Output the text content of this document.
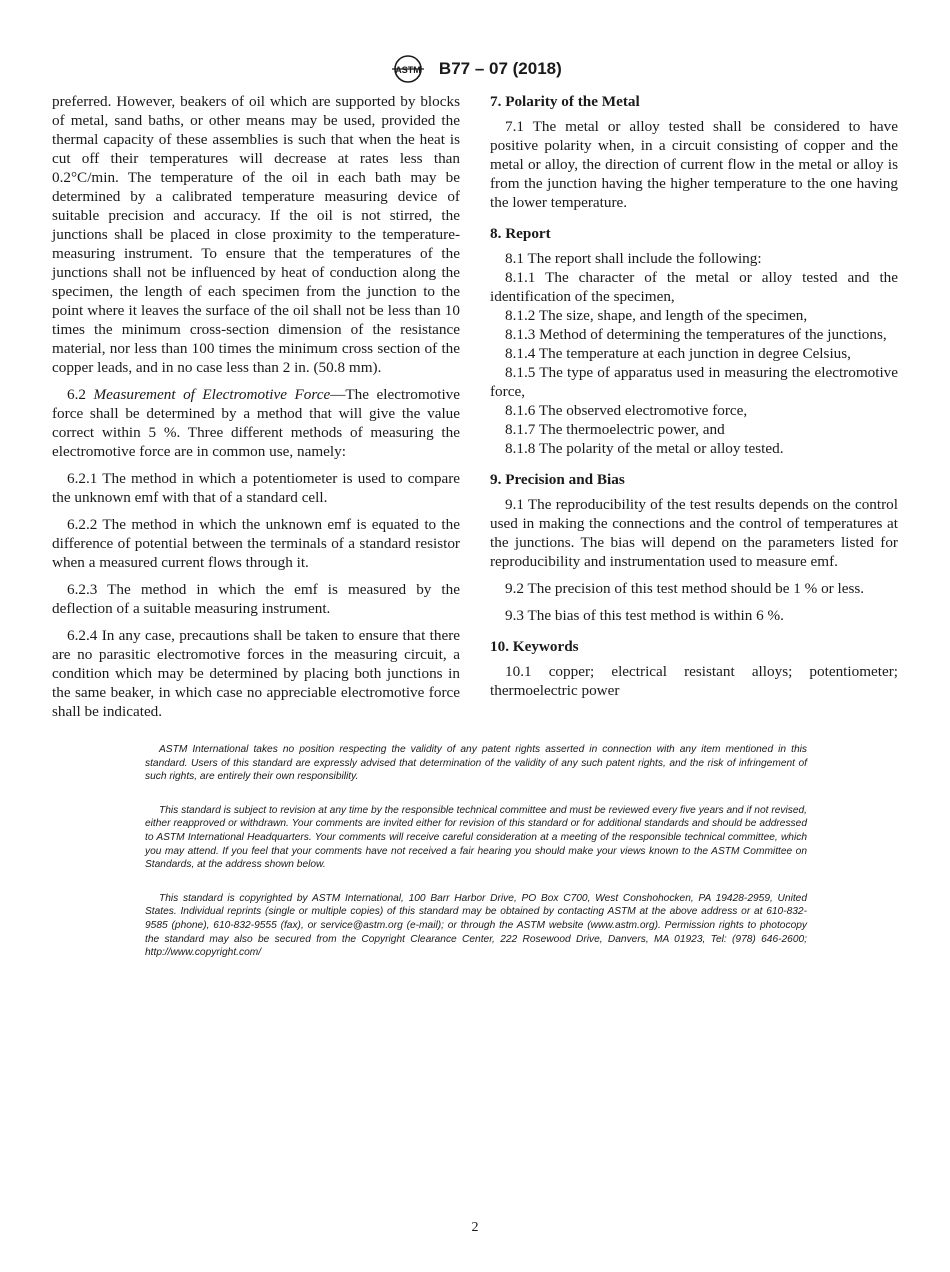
ASTM B77 – 07 (2018)

preferred. However, beakers of oil which are supported by blocks of metal, sand baths, or other means may be used, provided the thermal capacity of these assemblies is such that when the heat is cut off their temperatures will decrease at rates less than 0.2°C/min. The temperature of the oil in each bath may be determined by a calibrated temperature measuring device of suitable precision and accuracy. If the oil is not stirred, the junctions shall be placed in close proximity to the temperature-measuring instrument. To ensure that the temperatures of the junctions shall not be influenced by heat of conduction along the specimen, the length of each specimen from the junction to the point where it leaves the surface of the oil shall not be less than 10 times the minimum cross-section dimension of the resistance material, nor less than 100 times the minimum cross section of the copper leads, and in no case less than 2 in. (50.8 mm).

6.2 Measurement of Electromotive Force—The electromotive force shall be determined by a method that will give the value correct within 5 %. Three different methods of measuring the electromotive force are in common use, namely:

6.2.1 The method in which a potentiometer is used to compare the unknown emf with that of a standard cell.

6.2.2 The method in which the unknown emf is equated to the difference of potential between the terminals of a standard resistor when a measured current flows through it.

6.2.3 The method in which the emf is measured by the deflection of a suitable measuring instrument.

6.2.4 In any case, precautions shall be taken to ensure that there are no parasitic electromotive forces in the measuring circuit, a condition which may be determined by placing both junctions in the same beaker, in which case no appreciable electromotive force shall be indicated.

7. Polarity of the Metal

7.1 The metal or alloy tested shall be considered to have positive polarity when, in a circuit consisting of copper and the metal or alloy, the direction of current flow in the metal or alloy is from the junction having the higher temperature to the one having the lower temperature.

8. Report

8.1 The report shall include the following:

8.1.1 The character of the metal or alloy tested and the identification of the specimen,

8.1.2 The size, shape, and length of the specimen,

8.1.3 Method of determining the temperatures of the junctions,

8.1.4 The temperature at each junction in degree Celsius,

8.1.5 The type of apparatus used in measuring the electromotive force,

8.1.6 The observed electromotive force,

8.1.7 The thermoelectric power, and

8.1.8 The polarity of the metal or alloy tested.

9. Precision and Bias

9.1 The reproducibility of the test results depends on the control used in making the connections and the control of temperatures at the junctions. The bias will depend on the parameters listed for reproducibility and instrumentation used to measure emf.

9.2 The precision of this test method should be 1 % or less.

9.3 The bias of this test method is within 6 %.

10. Keywords

10.1 copper; electrical resistant alloys; potentiometer; thermoelectric power

ASTM International takes no position respecting the validity of any patent rights asserted in connection with any item mentioned in this standard. Users of this standard are expressly advised that determination of the validity of any such patent rights, and the risk of infringement of such rights, are entirely their own responsibility.

This standard is subject to revision at any time by the responsible technical committee and must be reviewed every five years and if not revised, either reapproved or withdrawn. Your comments are invited either for revision of this standard or for additional standards and should be addressed to ASTM International Headquarters. Your comments will receive careful consideration at a meeting of the responsible technical committee, which you may attend. If you feel that your comments have not received a fair hearing you should make your views known to the ASTM Committee on Standards, at the address shown below.

This standard is copyrighted by ASTM International, 100 Barr Harbor Drive, PO Box C700, West Conshohocken, PA 19428-2959, United States. Individual reprints (single or multiple copies) of this standard may be obtained by contacting ASTM at the above address or at 610-832-9585 (phone), 610-832-9555 (fax), or service@astm.org (e-mail); or through the ASTM website (www.astm.org). Permission rights to photocopy the standard may also be secured from the Copyright Clearance Center, 222 Rosewood Drive, Danvers, MA 01923, Tel: (978) 646-2600; http://www.copyright.com/

2
